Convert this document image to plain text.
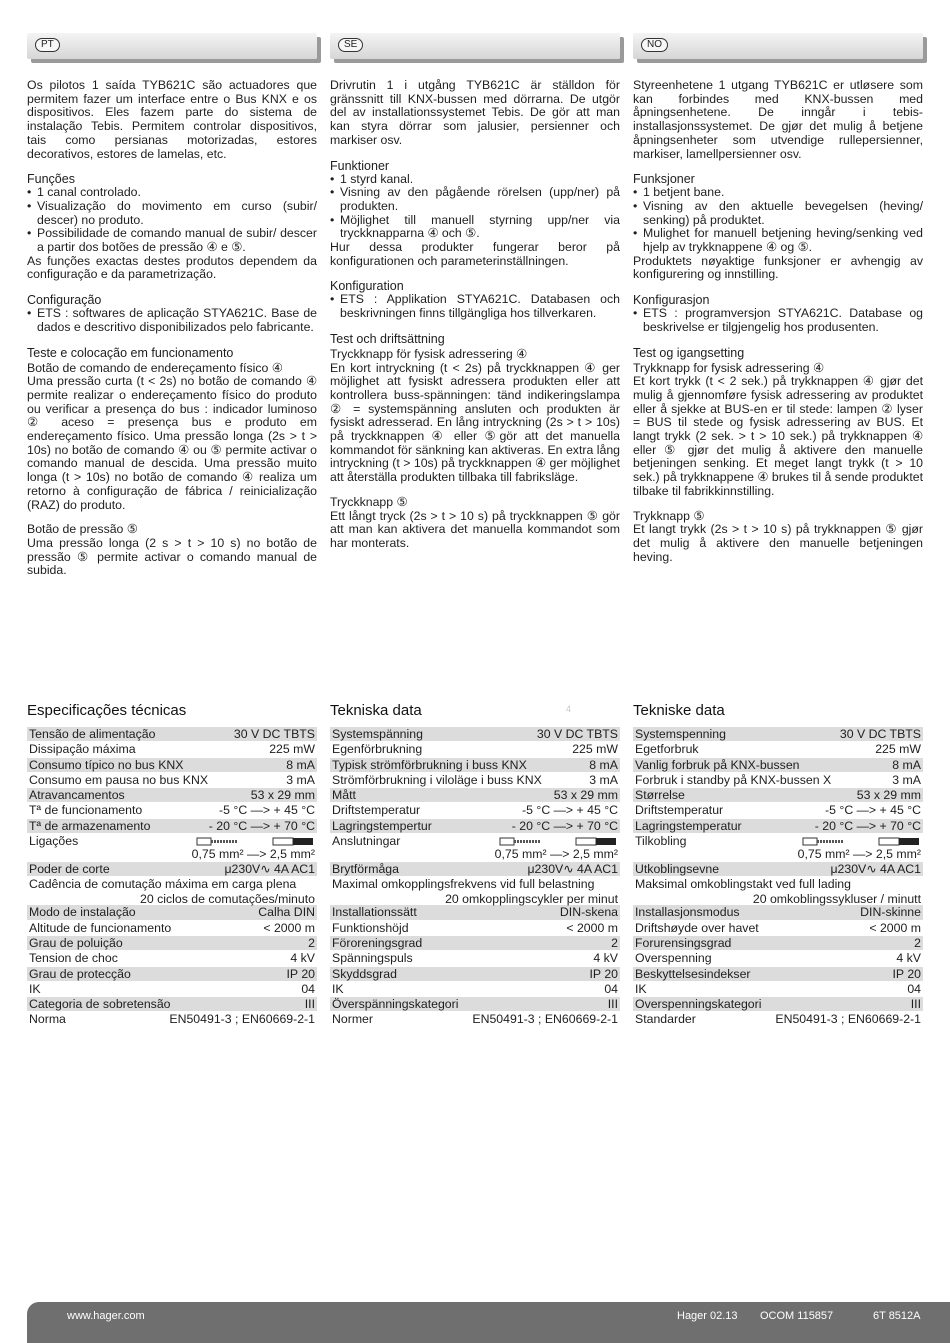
PT

Os pilotos 1 saída TYB621C são actuadores que permitem fazer um interface entre o Bus KNX e os dispositivos. Eles fazem parte do sistema de instalação Tebis. Permitem controlar dispositivos, tais como persianas motorizadas, estores decorativos, estores de lamelas, etc.

Funções
• 1 canal controlado.
• Visualização do movimento em curso (subir/ descer) no produto.
• Possibilidade de comando manual de subir/ descer a partir dos botões de pressão ④ e ⑤.

As funções exactas destes produtos dependem da configuração e da parametrização.

Configuração
• ETS : softwares de aplicação STYA621C. Base de dados e descritivo disponibilizados pelo fabricante.
Teste e colocação em funcionamento
Botão de comando de endereçamento físico ④

Uma pressão curta (t < 2s) no botão de comando ④ permite realizar o endereçamento físico do produto ou verificar a presença do bus : indicador luminoso ② aceso = presença bus e produto em endereçamento físico. Uma pressão longa (2s > t > 10s) no botão de comando ④ ou ⑤ permite activar o comando manual de descida. Uma pressão muito longa (t > 10s) no botão de comando ④ realiza um retorno à configuração de fábrica / reinicialização (RAZ) do produto.

Botão de pressão ⑤

Uma pressão longa (2 s > t > 10 s) no botão de pressão ⑤ permite activar o comando manual de subida.

Especificações técnicas
Tensão de alimentação	30 V DC TBTS
Dissipação máxima	225 mW
Consumo típico no bus KNX	8 mA
Consumo em pausa no bus KNX	3 mA
Atravancamentos	53 x 29 mm
Tª de funcionamento	-5 °C —> + 45 °C
Tª de armazenamento	- 20 °C —> + 70 °C
Ligações
0,75 mm² —> 2,5 mm²
Poder de corte	μ230V∿ 4A AC1
Cadência de comutação máxima em carga plena
20 ciclos de comutações/minuto
Modo de instalação	Calha DIN
Altitude de funcionamento	< 2000 m
Grau de poluição	2
Tension de choc	4 kV
Grau de protecção	IP 20
IK	04
Categoria de sobretensão	III
Norma	EN50491-3 ; EN60669-2-1
SE

Drivrutin 1 i utgång TYB621C är ställdon för gränssnitt till KNX-bussen med dörrarna. De utgör del av installationssystemet Tebis. De gör att man kan styra dörrar som jalusier, persienner och markiser osv.

Funktioner
• 1 styrd kanal.
• Visning av den pågående rörelsen (upp/ner) på produkten.
• Möjlighet till manuell styrning upp/ner via tryckknapparna ④ och ⑤.

Hur dessa produkter fungerar beror på konfigurationen och parameterinställningen.

Konfiguration
• ETS : Applikation STYA621C. Databasen och beskrivningen finns tillgängliga hos tillverkaren.
Test och driftsättning
Tryckknapp för fysisk adressering ④

En kort intryckning (t < 2s) på tryckknappen ④ ger möjlighet att fysiskt adressera produkten eller att kontrollera buss-spänningen: tänd indikeringslampa ② = systemspänning ansluten och produkten är fysiskt adresserad. En lång intryckning (2s > t > 10s) på tryckknappen ④ eller ⑤gör att det manuella kommandot för sänkning kan aktiveras. En extra lång intryckning (t > 10s) på tryckknappen ④ ger möjlighet att återställa produkten tillbaka till fabriksläge.

Tryckknapp ⑤

Ett långt tryck (2s > t > 10 s) på tryckknappen ⑤ gör att man kan aktivera det manuella kommandot som har monterats.

Tekniska data
Systemspänning	30 V DC TBTS
Egenförbrukning	225 mW
Typisk strömförbrukning i buss KNX	8 mA
Strömförbrukning i viloläge i buss KNX	3 mA
Mått	53 x 29 mm
Driftstemperatur	-5 °C —> + 45 °C
Lagringstempertur	- 20 °C —> + 70 °C
Anslutningar
0,75 mm² —> 2,5 mm²
Brytförmåga	μ230V∿ 4A AC1
Maximal omkopplingsfrekvens vid full belastning
20 omkopplingscykler per minut
Installationssätt	DIN-skena
Funktionshöjd	< 2000 m
Föroreningsgrad	2
Spänningspuls	4 kV
Skyddsgrad	IP 20
IK	04
Överspänningskategori	III
Normer	EN50491-3 ; EN60669-2-1
NO

Styreenhetene 1 utgang TYB621C er utløsere som kan forbindes med KNX-bussen med åpningsenhetene. De inngår i tebis-installasjonssystemet. De gjør det mulig å betjene åpningsenheter som utvendige rullepersienner, markiser, lamellpersienner osv.

Funksjoner
• 1 betjent bane.
• Visning av den aktuelle bevegelsen (heving/ senking) på produktet.
• Mulighet for manuell betjening heving/senking ved hjelp av trykknappene ④ og ⑤.

Produktets nøyaktige funksjoner er avhengig av konfigurering og innstilling.

Konfigurasjon
• ETS : programversjon STYA621C. Database og beskrivelse er tilgjengelig hos produsenten.
Test og igangsetting
Trykknapp for fysisk adressering ④

Et kort trykk (t < 2 sek.) på trykknappen ④ gjør det mulig å gjennomføre fysisk adressering av produktet eller å sjekke at BUS-en er til stede: lampen ② lyser = BUS til stede og fysisk adressering av BUS. Et langt trykk (2 sek. > t > 10 sek.) på trykknappen ④ eller ⑤ gjør det mulig å aktivere den manuelle betjeningen senking. Et meget langt trykk (t > 10 sek.) på trykknappene ④ brukes til å sende produktet tilbake til fabrikkinnstilling.

Trykknapp ⑤

Et langt trykk (2s > t > 10 s) på trykknappen ⑤ gjør det mulig å aktivere den manuelle betjeningen heving.

Tekniske data
Systemspenning	30 V DC TBTS
Egetforbruk	225 mW
Vanlig forbruk på KNX-bussen	8 mA
Forbruk i standby på KNX-bussen X	3 mA
Størrelse	53 x 29 mm
Driftstemperatur	-5 °C —> + 45 °C
Lagringstemperatur	- 20 °C —> + 70 °C
Tilkobling
0,75 mm² —> 2,5 mm²
Utkoblingsevne	μ230V∿ 4A AC1
Maksimal omkoblingstakt ved full lading
20 omkoblingssykluser / minutt
Installasjonsmodus	DIN-skinne
Driftshøyde over havet	< 2000 m
Forurensingsgrad	2
Overspenning	4 kV
Beskyttelsesindekser	IP 20
IK	04
Overspenningskategori	III
Standarder	EN50491-3 ; EN60669-2-1
4
www.hager.com	Hager 02.13 OCOM 115857	6T 8512A
